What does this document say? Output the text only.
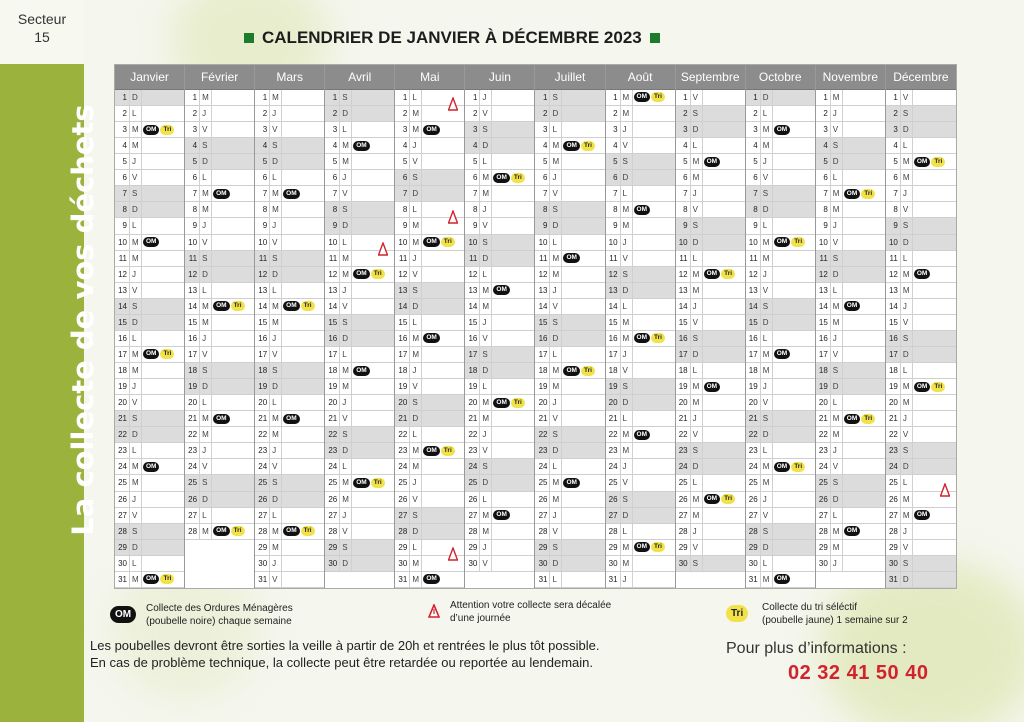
Secteur
15
La collecte de vos déchets
CALENDRIER DE JANVIER À DÉCEMBRE 2023
Janvier
1 D
2 L
3 M	OM	Tri
4 M
5 J
6 V
7 S
8 D
9 L
10 M	OM
11 M
12 J
13 V
14 S
15 D
16 L
17 M	OM	Tri
18 M
19 J
20 V
21 S
22 D
23 L
24 M	OM
25 M
26 J
27 V
28 S
29 D
30 L
31 M	OM	Tri
Février
1 M
2 J
3 V
4 S
5 D
6 L
7 M	OM
8 M
9 J
10 V
11 S
12 D
13 L
14 M	OM	Tri
15 M
16 J
17 V
18 S
19 D
20 L
21 M	OM
22 M
23 J
24 V
25 S
26 D
27 L
28 M	OM	Tri
Mars
1 M
2 J
3 V
4 S
5 D
6 L
7 M	OM
8 M
9 J
10 V
11 S
12 D
13 L
14 M	OM	Tri
15 M
16 J
17 V
18 S
19 D
20 L
21 M	OM
22 M
23 J
24 V
25 S
26 D
27 L
28 M	OM	Tri
29 M
30 J
31 V
Avril
1 S
2 D
3 L
4 M	OM
5 M
6 J
7 V
8 S
9 D
10 L
11 M
12 M	OM	Tri
13 J
14 V
15 S
16 D
17 L
18 M	OM
19 M
20 J
21 V
22 S
23 D
24 L
25 M	OM	Tri
26 M
27 J
28 V
29 S
30 D
Mai
1 L
2 M
3 M	OM
4 J
5 V
6 S
7 D
8 L
9 M
10 M	OM	Tri
11 J
12 V
13 S
14 D
15 L
16 M	OM
17 M
18 J
19 V
20 S
21 D
22 L
23 M	OM	Tri
24 M
25 J
26 V
27 S
28 D
29 L
30 M
31 M	OM
Juin
1 J
2 V
3 S
4 D
5 L
6 M	OM	Tri
7 M
8 J
9 V
10 S
11 D
12 L
13 M	OM
14 M
15 J
16 V
17 S
18 D
19 L
20 M	OM	Tri
21 M
22 J
23 V
24 S
25 D
26 L
27 M	OM
28 M
29 J
30 V
Juillet
1 S
2 D
3 L
4 M	OM	Tri
5 M
6 J
7 V
8 S
9 D
10 L
11 M	OM
12 M
13 J
14 V
15 S
16 D
17 L
18 M	OM	Tri
19 M
20 J
21 V
22 S
23 D
24 L
25 M	OM
26 M
27 J
28 V
29 S
30 D
31 L
Août
1 M	OM	Tri
2 M
3 J
4 V
5 S
6 D
7 L
8 M	OM
9 M
10 J
11 V
12 S
13 D
14 L
15 M
16 M	OM	Tri
17 J
18 V
19 S
20 D
21 L
22 M	OM
23 M
24 J
25 V
26 S
27 D
28 L
29 M	OM	Tri
30 M
31 J
Septembre
1 V
2 S
3 D
4 L
5 M	OM
6 M
7 J
8 V
9 S
10 D
11 L
12 M	OM	Tri
13 M
14 J
15 V
16 S
17 D
18 L
19 M	OM
20 M
21 J
22 V
23 S
24 D
25 L
26 M	OM	Tri
27 M
28 J
29 V
30 S
Octobre
1 D
2 L
3 M	OM
4 M
5 J
6 V
7 S
8 D
9 L
10 M	OM	Tri
11 M
12 J
13 V
14 S
15 D
16 L
17 M	OM
18 M
19 J
20 V
21 S
22 D
23 L
24 M	OM	Tri
25 M
26 J
27 V
28 S
29 D
30 L
31 M	OM
Novembre
1 M
2 J
3 V
4 S
5 D
6 L
7 M	OM	Tri
8 M
9 J
10 V
11 S
12 D
13 L
14 M	OM
15 M
16 J
17 V
18 S
19 D
20 L
21 M	OM	Tri
22 M
23 J
24 V
25 S
26 D
27 L
28 M	OM
29 M
30 J
Décembre
1 V
2 S
3 D
4 L
5 M	OM	Tri
6 M
7 J
8 V
9 S
10 D
11 L
12 M	OM
13 M
14 J
15 V
16 S
17 D
18 L
19 M	OM	Tri
20 M
21 J
22 V
23 S
24 D
25 L
26 M
27 M	OM
28 J
29 V
30 S
31 D
OM
Collecte des Ordures Ménagères
(poubelle noire) chaque semaine
Attention votre collecte sera décalée
d’une journée	Tri
Collecte du tri séléctif
(poubelle jaune) 1 semaine sur 2
Les poubelles devront être sorties la veille à partir de 20h et rentrées le plus tôt possible.
En cas de problème technique, la collecte peut être retardée ou reportée au lendemain.
Pour plus d’informations :
02 32 41 50 40
